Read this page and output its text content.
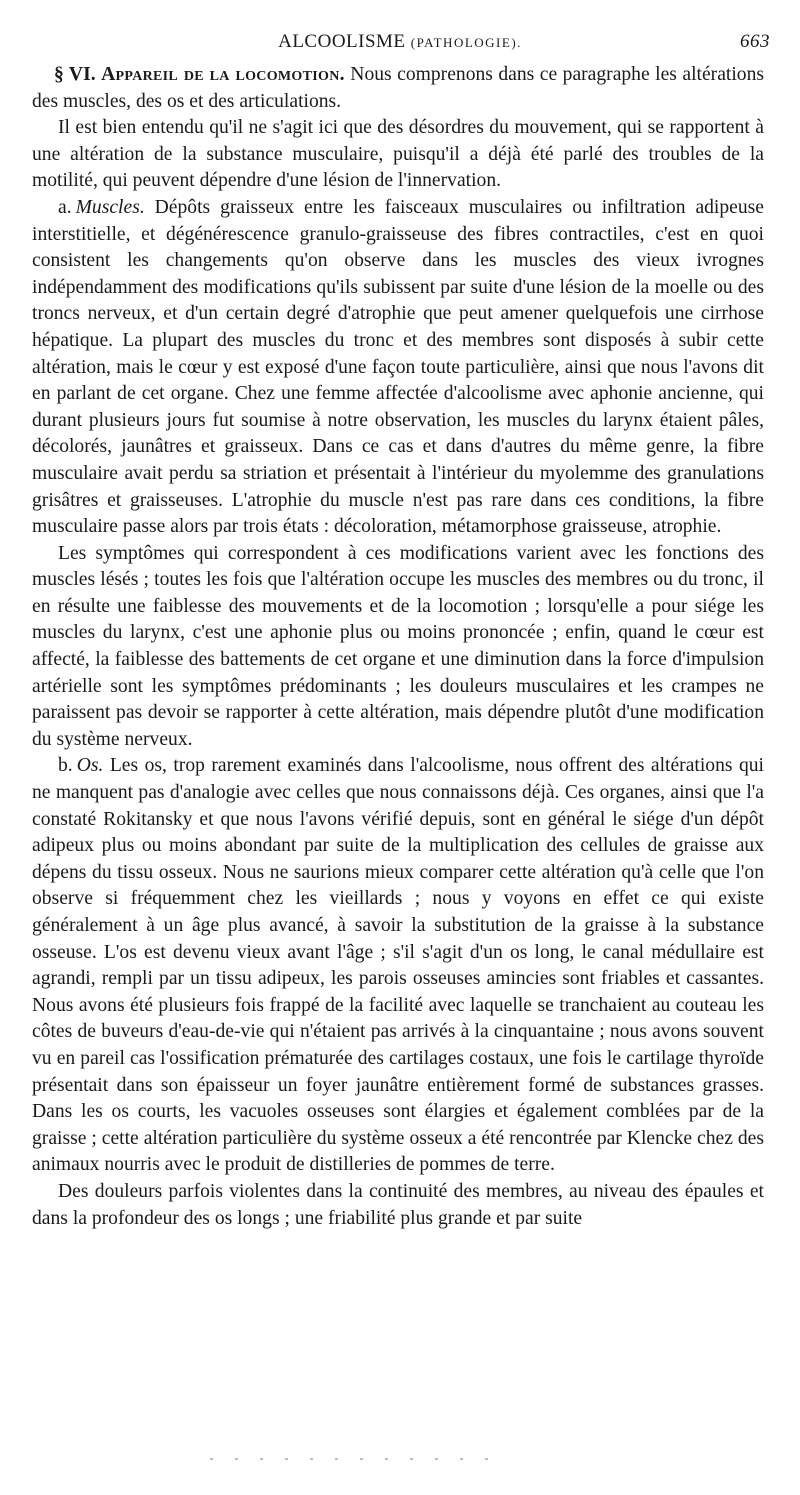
ALCOOLISME (PATHOLOGIE).	663

§ VI. Appareil de la locomotion. Nous comprenons dans ce paragraphe les altérations des muscles, des os et des articulations.

Il est bien entendu qu'il ne s'agit ici que des désordres du mouvement, qui se rapportent à une altération de la substance musculaire, puisqu'il a déjà été parlé des troubles de la motilité, qui peuvent dépendre d'une lésion de l'innervation.

a. Muscles. Dépôts graisseux entre les faisceaux musculaires ou infiltration adipeuse interstitielle, et dégénérescence granulo-graisseuse des fibres contractiles, c'est en quoi consistent les changements qu'on observe dans les muscles des vieux ivrognes indépendamment des modifications qu'ils subissent par suite d'une lésion de la moelle ou des troncs nerveux, et d'un certain degré d'atrophie que peut amener quelquefois une cirrhose hépatique. La plupart des muscles du tronc et des membres sont disposés à subir cette altération, mais le cœur y est exposé d'une façon toute particulière, ainsi que nous l'avons dit en parlant de cet organe. Chez une femme affectée d'alcoolisme avec aphonie ancienne, qui durant plusieurs jours fut soumise à notre observation, les muscles du larynx étaient pâles, décolorés, jaunâtres et graisseux. Dans ce cas et dans d'autres du même genre, la fibre musculaire avait perdu sa striation et présentait à l'intérieur du myolemme des granulations grisâtres et graisseuses. L'atrophie du muscle n'est pas rare dans ces conditions, la fibre musculaire passe alors par trois états : décoloration, métamorphose graisseuse, atrophie.

Les symptômes qui correspondent à ces modifications varient avec les fonctions des muscles lésés ; toutes les fois que l'altération occupe les muscles des membres ou du tronc, il en résulte une faiblesse des mouvements et de la locomotion ; lorsqu'elle a pour siége les muscles du larynx, c'est une aphonie plus ou moins prononcée ; enfin, quand le cœur est affecté, la faiblesse des battements de cet organe et une diminution dans la force d'impulsion artérielle sont les symptômes prédominants ; les douleurs musculaires et les crampes ne paraissent pas devoir se rapporter à cette altération, mais dépendre plutôt d'une modification du système nerveux.

b. Os. Les os, trop rarement examinés dans l'alcoolisme, nous offrent des altérations qui ne manquent pas d'analogie avec celles que nous connaissons déjà. Ces organes, ainsi que l'a constaté Rokitansky et que nous l'avons vérifié depuis, sont en général le siége d'un dépôt adipeux plus ou moins abondant par suite de la multiplication des cellules de graisse aux dépens du tissu osseux. Nous ne saurions mieux comparer cette altération qu'à celle que l'on observe si fréquemment chez les vieillards ; nous y voyons en effet ce qui existe généralement à un âge plus avancé, à savoir la substitution de la graisse à la substance osseuse. L'os est devenu vieux avant l'âge ; s'il s'agit d'un os long, le canal médullaire est agrandi, rempli par un tissu adipeux, les parois osseuses amincies sont friables et cassantes. Nous avons été plusieurs fois frappé de la facilité avec laquelle se tranchaient au couteau les côtes de buveurs d'eau-de-vie qui n'étaient pas arrivés à la cinquantaine ; nous avons souvent vu en pareil cas l'ossification prématurée des cartilages costaux, une fois le cartilage thyroïde présentait dans son épaisseur un foyer jaunâtre entièrement formé de substances grasses. Dans les os courts, les vacuoles osseuses sont élargies et également comblées par de la graisse ; cette altération particulière du système osseux a été rencontrée par Klencke chez des animaux nourris avec le produit de distilleries de pommes de terre.

Des douleurs parfois violentes dans la continuité des membres, au niveau des épaules et dans la profondeur des os longs ; une friabilité plus grande et par suite
